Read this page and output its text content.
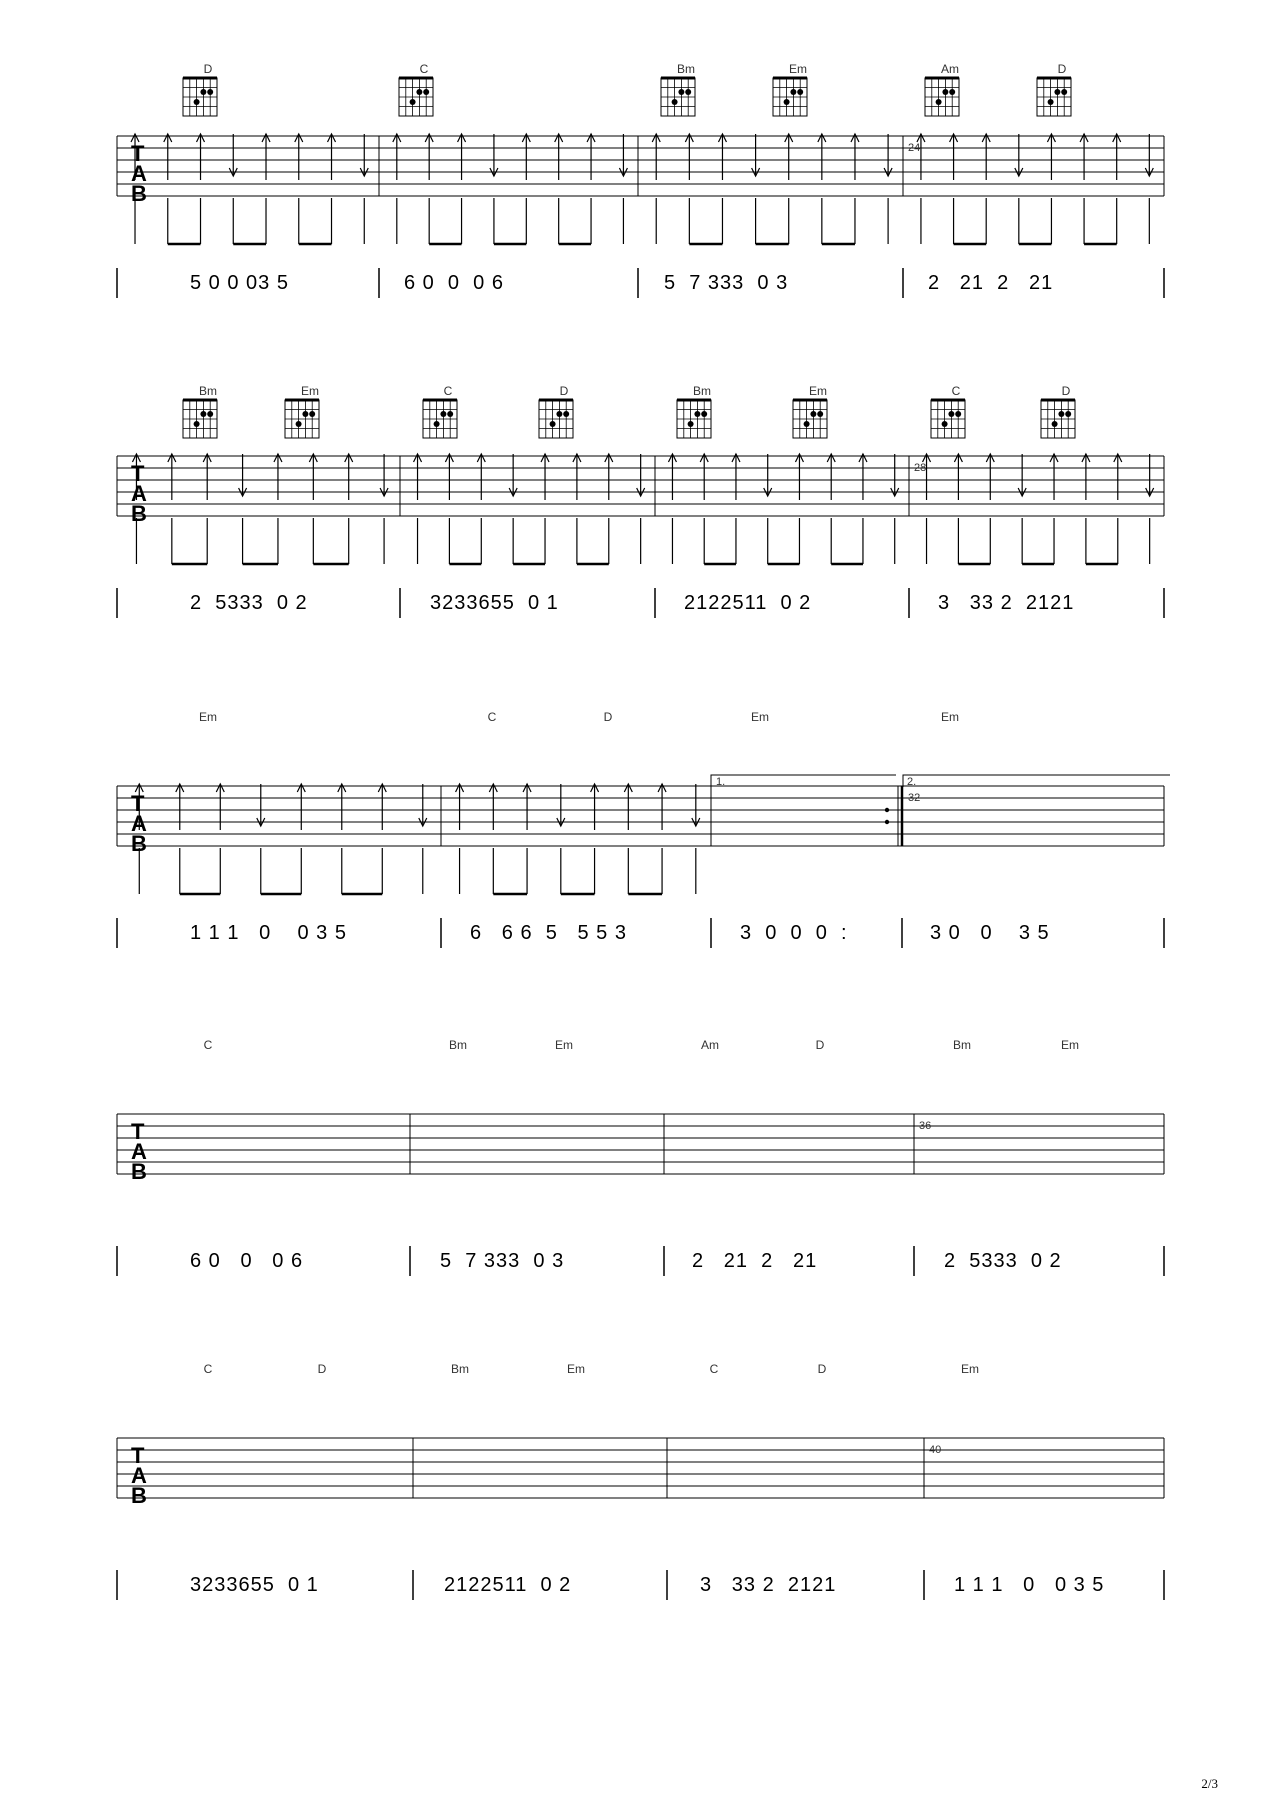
T
A
B
24
D	C	Bm	Em	Am	D
5 0 0 03 5	6 0  0  0 6	5  7 333  0 3	2   21  2   21
T
A
B
28
Bm	Em	C	D	Bm	Em	C	D
2  5333  0 2	3233655  0 1	2122511  0 2	3   33 2  2121
T
A
B
1.	2.
32
Em	C	D	Em	Em
1 1 1   0    0 3 5	6   6 6  5   5 5 3	3  0  0  0  :	3 0   0    3 5
T
A
B
36
C	Bm	Em	Am	D	Bm	Em
6 0   0   0 6	5  7 333  0 3	2   21  2   21	2  5333  0 2
T
A
B
40
C	D	Bm	Em	C	D	Em
3233655  0 1	2122511  0 2	3   33 2  2121	1 1 1   0   0 3 5
2/3
